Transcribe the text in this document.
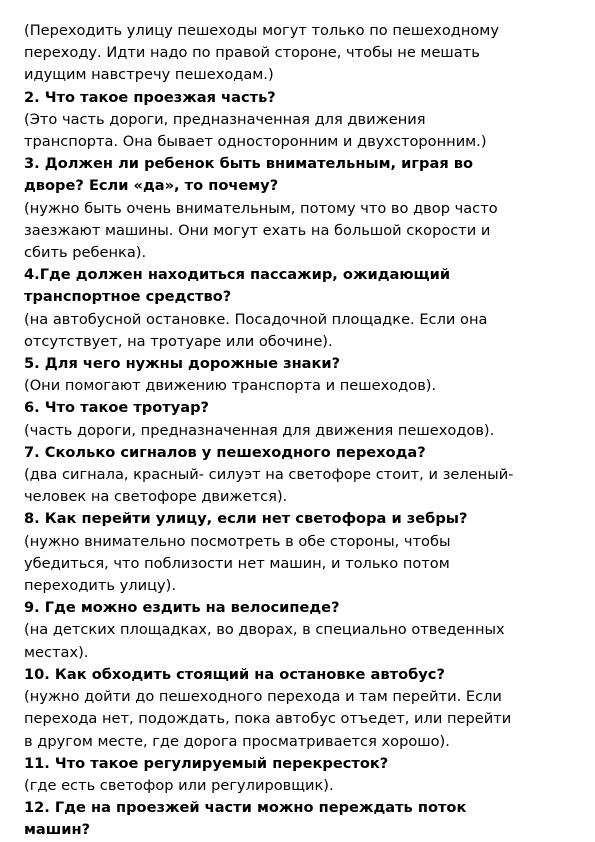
(Переходить улицу пешеходы могут только по пешеходному
переходу. Идти надо по правой стороне, чтобы не мешать
идущим навстречу пешеходам.)

2. Что такое проезжая часть?

(Это часть дороги, предназначенная для движения
транспорта. Она бывает односторонним и двухсторонним.)

3. Должен ли ребенок быть внимательным, играя во
дворе? Если «да», то почему?

(нужно быть очень внимательным, потому что во двор часто
заезжают машины. Они могут ехать на большой скорости и
сбить ребенка).

4.Где должен находиться пассажир, ожидающий
транспортное средство?

(на автобусной остановке. Посадочной площадке. Если она
отсутствует, на тротуаре или обочине).

5. Для чего нужны дорожные знаки?

(Они помогают движению транспорта и пешеходов).

6. Что такое тротуар?

(часть дороги, предназначенная для движения пешеходов).

7. Сколько сигналов у пешеходного перехода?

(два сигнала, красный- силуэт на светофоре стоит, и зеленый-
человек на светофоре движется).

8. Как перейти улицу, если нет светофора и зебры?

(нужно внимательно посмотреть в обе стороны, чтобы
убедиться, что поблизости нет машин, и только потом
переходить улицу).

9. Где можно ездить на велосипеде?

(на детских площадках, во дворах, в специально отведенных
местах).

10. Как обходить стоящий на остановке автобус?

(нужно дойти до пешеходного перехода и там перейти. Если
перехода нет, подождать, пока автобус отъедет, или перейти
в другом месте, где дорога просматривается хорошо).

11. Что такое регулируемый перекресток?

(где есть светофор или регулировщик).

12. Где на проезжей части можно переждать поток
машин?
